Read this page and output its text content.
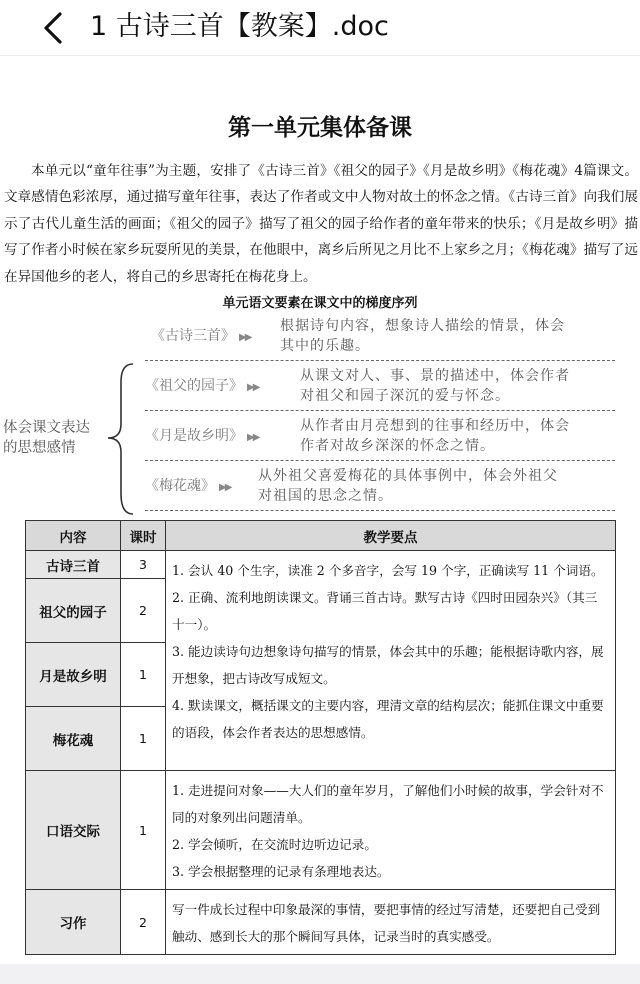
1 古诗三首【教案】.doc
第一单元集体备课
本单元以“童年往事”为主题，安排了《古诗三首》《祖父的园子》《月是故乡明》《梅花魂》4篇课文。文章感情色彩浓厚，通过描写童年往事，表达了作者或文中人物对故土的怀念之情。《古诗三首》向我们展示了古代儿童生活的画面；《祖父的园子》描写了祖父的园子给作者的童年带来的快乐；《月是故乡明》描写了作者小时候在家乡玩耍所见的美景，在他眼中，离乡后所见之月比不上家乡之月；《梅花魂》描写了远在异国他乡的老人，将自己的乡思寄托在梅花身上。
单元语文要素在课文中的梯度序列
体会课文表达
的思想感情
《古诗三首》 ▶▶
根据诗句内容，想象诗人描绘的情景，体会
其中的乐趣。
《祖父的园子》 ▶▶
从课文对人、事、景的描述中，体会作者
对祖父和园子深沉的爱与怀念。
《月是故乡明》 ▶▶
从作者由月亮想到的往事和经历中，体会
作者对故乡深深的怀念之情。
《梅花魂》 ▶▶
从外祖父喜爱梅花的具体事例中，体会外祖父
对祖国的思念之情。
内容	课时	教学要点
古诗三首	3	1. 会认 40 个生字，读准 2 个多音字，会写 19 个字，正确读写 11 个词语。
2. 正确、流利地朗读课文。背诵三首古诗。默写古诗《四时田园杂兴》（其三十一）。
3. 能边读诗句边想象诗句描写的情景，体会其中的乐趣；能根据诗歌内容，展开想象，把古诗改写成短文。
4. 默读课文，概括课文的主要内容，理清文章的结构层次；能抓住课文中重要的语段，体会作者表达的思想感情。

祖父的园子	2	
月是故乡明	1	
梅花魂	1	
口语交际	1	1. 走进提问对象——大人们的童年岁月，了解他们小时候的故事，学会针对不同的对象列出问题清单。
2. 学会倾听，在交流时边听边记录。
3. 学会根据整理的记录有条理地表达。

习作	2	写一件成长过程中印象最深的事情，要把事情的经过写清楚，还要把自己受到触动、感到长大的那个瞬间写具体，记录当时的真实感受。
